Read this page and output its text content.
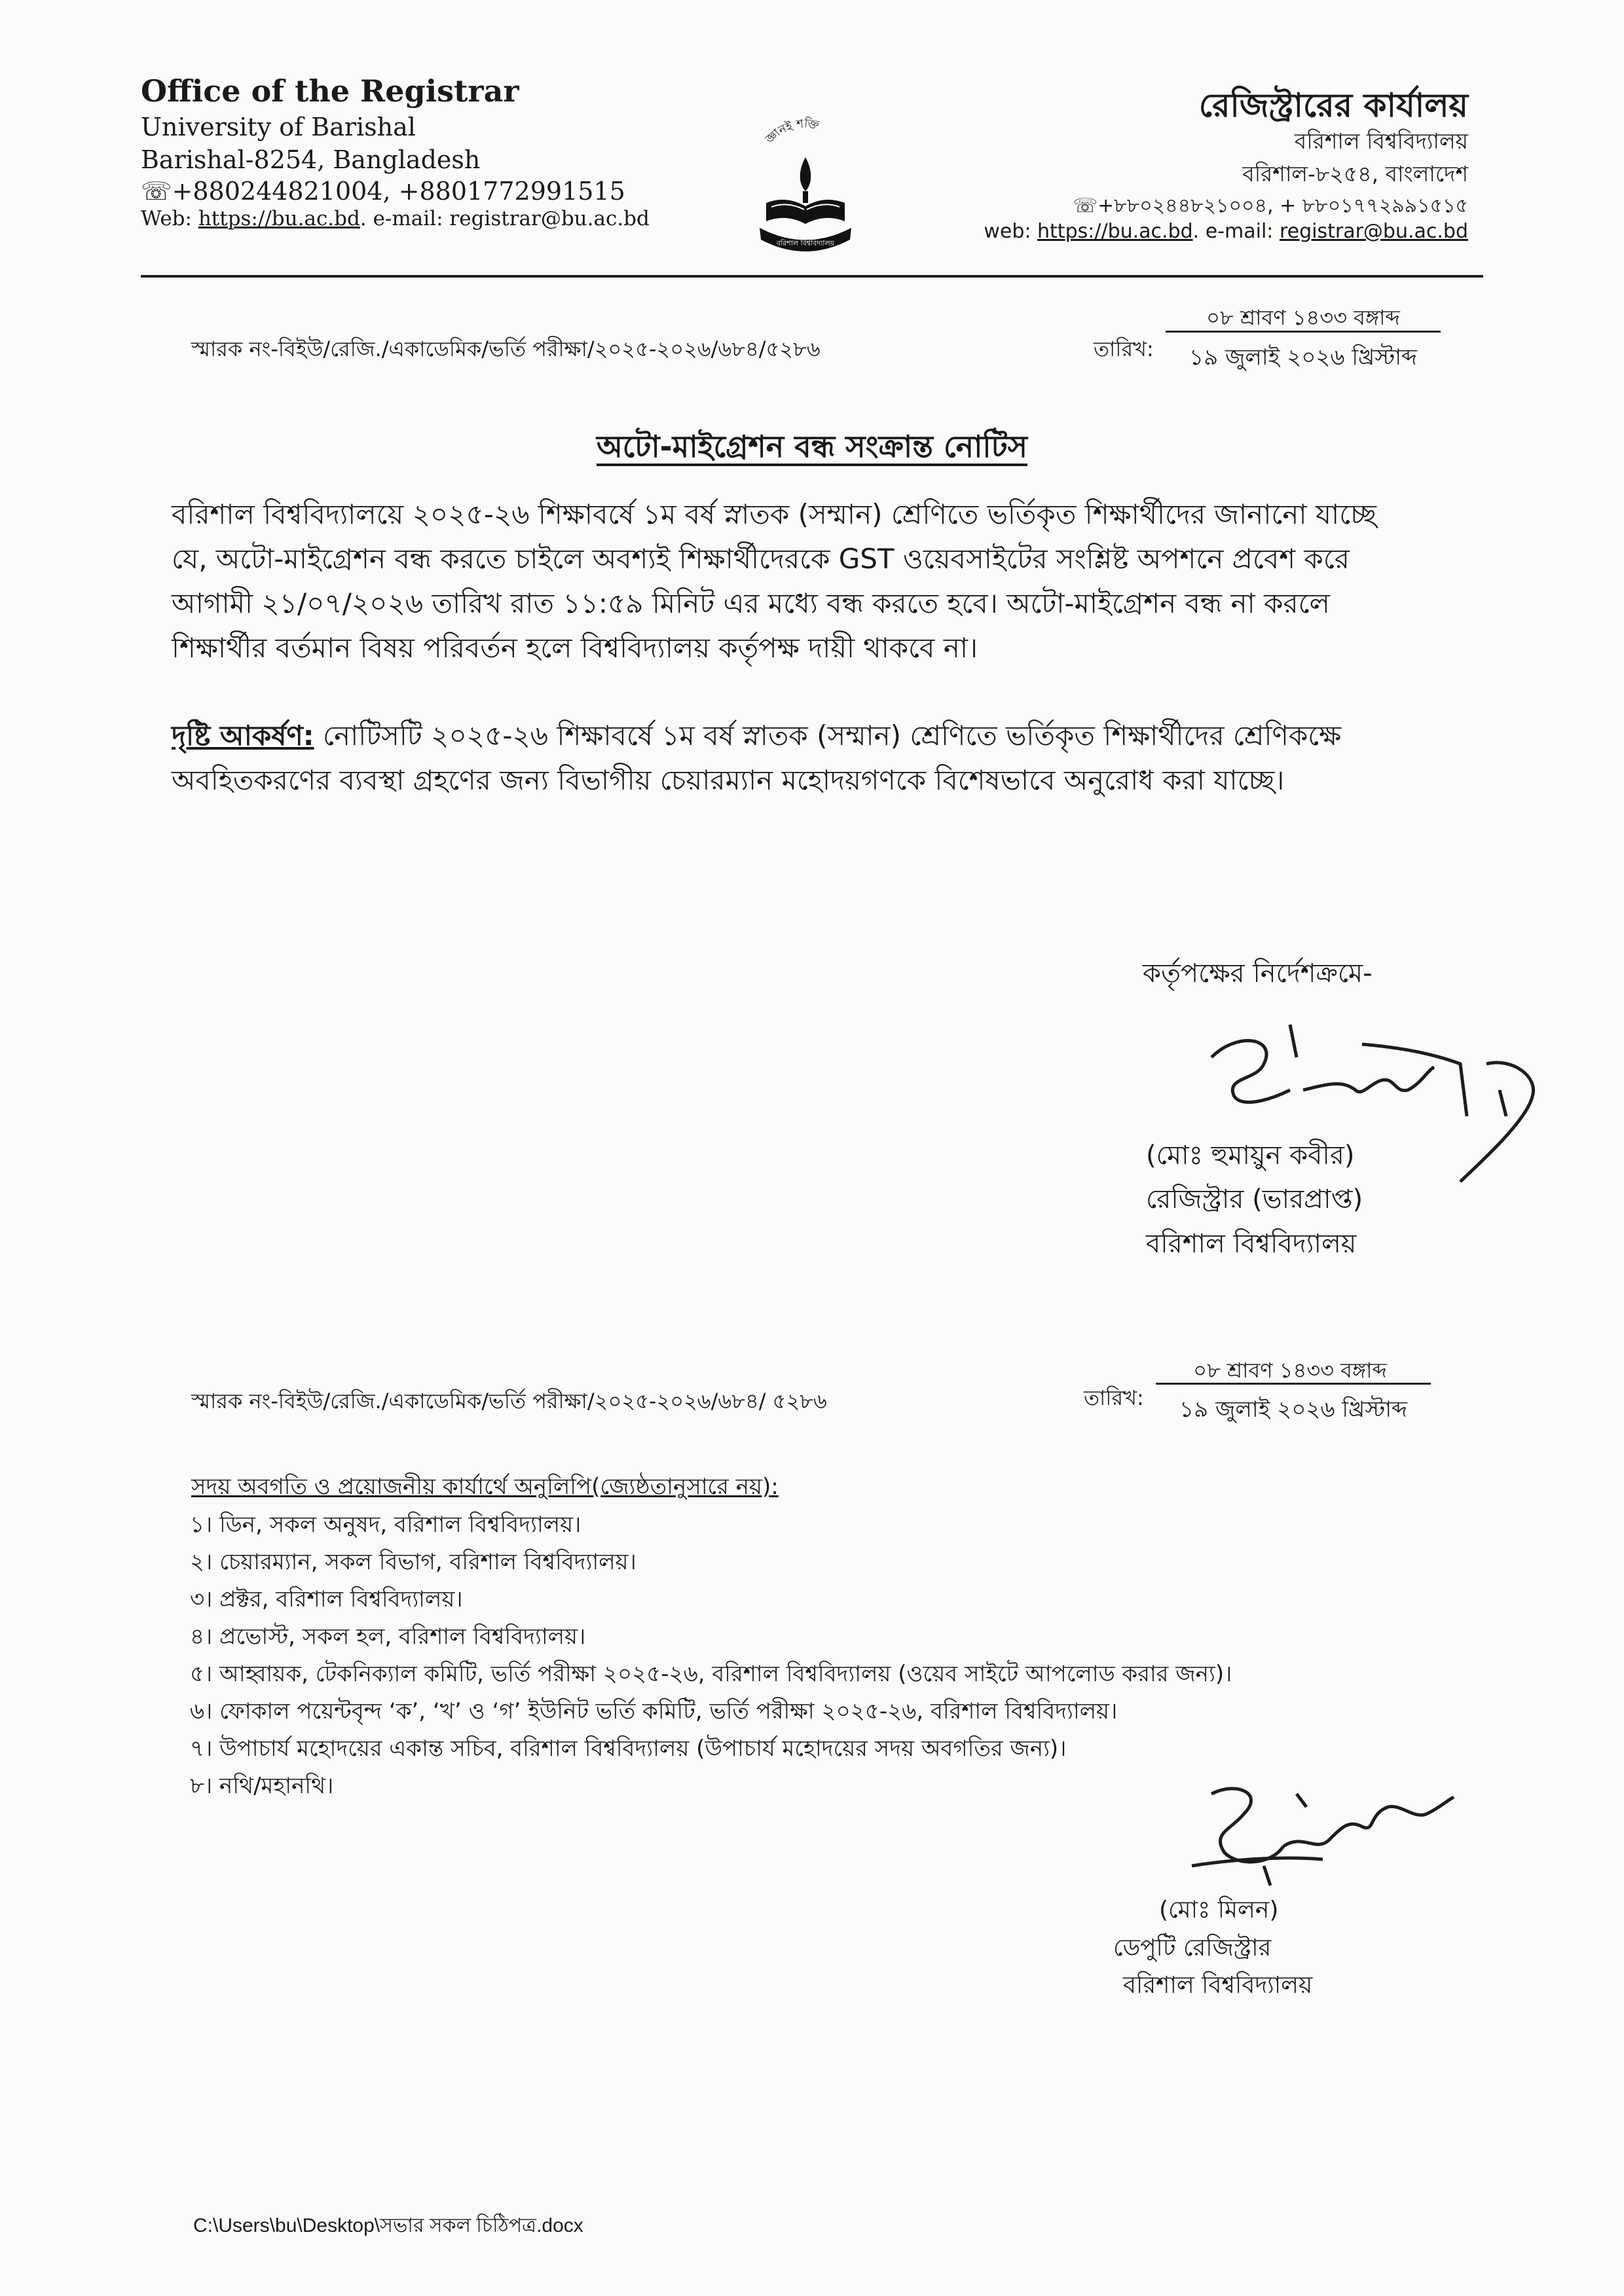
Office of the Registrar
University of Barishal
Barishal-8254, Bangladesh
☏+880244821004, +8801772991515
Web: https://bu.ac.bd. e-mail: registrar@bu.ac.bd
জ্ঞানই শক্তি
বরিশাল বিশ্ববিদ্যালয়
রেজিস্ট্রারের কার্যালয়
বরিশাল বিশ্ববিদ্যালয়
বরিশাল-৮২৫৪, বাংলাদেশ
☏+৮৮০২৪৪৮২১০০৪, + ৮৮০১৭৭২৯৯১৫১৫
web: https://bu.ac.bd. e-mail: registrar@bu.ac.bd
স্মারক নং-বিইউ/রেজি./একাডেমিক/ভর্তি পরীক্ষা/২০২৫-২০২৬/৬৮৪/৫২৮৬	তারিখ:
০৮ শ্রাবণ ১৪৩৩ বঙ্গাব্দ
১৯ জুলাই ২০২৬ খ্রিস্টাব্দ
অটো-মাইগ্রেশন বন্ধ সংক্রান্ত নোটিস
বরিশাল বিশ্ববিদ্যালয়ে ২০২৫-২৬ শিক্ষাবর্ষে ১ম বর্ষ স্নাতক (সম্মান) শ্রেণিতে ভর্তিকৃত শিক্ষার্থীদের জানানো যাচ্ছে
যে, অটো-মাইগ্রেশন বন্ধ করতে চাইলে অবশ্যই শিক্ষার্থীদেরকে GST ওয়েবসাইটের সংশ্লিষ্ট অপশনে প্রবেশ করে
আগামী ২১/০৭/২০২৬ তারিখ রাত ১১:৫৯ মিনিট এর মধ্যে বন্ধ করতে হবে। অটো-মাইগ্রেশন বন্ধ না করলে
শিক্ষার্থীর বর্তমান বিষয় পরিবর্তন হলে বিশ্ববিদ্যালয় কর্তৃপক্ষ দায়ী থাকবে না।
দৃষ্টি আকর্ষণ: নোটিসটি ২০২৫-২৬ শিক্ষাবর্ষে ১ম বর্ষ স্নাতক (সম্মান) শ্রেণিতে ভর্তিকৃত শিক্ষার্থীদের শ্রেণিকক্ষে
অবহিতকরণের ব্যবস্থা গ্রহণের জন্য বিভাগীয় চেয়ারম্যান মহোদয়গণকে বিশেষভাবে অনুরোধ করা যাচ্ছে।
কর্তৃপক্ষের নির্দেশক্রমে-
(মোঃ হুমায়ুন কবীর)
রেজিস্ট্রার (ভারপ্রাপ্ত)
বরিশাল বিশ্ববিদ্যালয়
স্মারক নং-বিইউ/রেজি./একাডেমিক/ভর্তি পরীক্ষা/২০২৫-২০২৬/৬৮৪/ ৫২৮৬	তারিখ:
০৮ শ্রাবণ ১৪৩৩ বঙ্গাব্দ
১৯ জুলাই ২০২৬ খ্রিস্টাব্দ
সদয় অবগতি ও প্রয়োজনীয় কার্যার্থে অনুলিপি(জ্যেষ্ঠতানুসারে নয়):
১। ডিন, সকল অনুষদ, বরিশাল বিশ্ববিদ্যালয়।
২। চেয়ারম্যান, সকল বিভাগ, বরিশাল বিশ্ববিদ্যালয়।
৩। প্রক্টর, বরিশাল বিশ্ববিদ্যালয়।
৪। প্রভোস্ট, সকল হল, বরিশাল বিশ্ববিদ্যালয়।
৫। আহ্বায়ক, টেকনিক্যাল কমিটি, ভর্তি পরীক্ষা ২০২৫-২৬, বরিশাল বিশ্ববিদ্যালয় (ওয়েব সাইটে আপলোড করার জন্য)।
৬। ফোকাল পয়েন্টবৃন্দ ‘ক’, ‘খ’ ও ‘গ’ ইউনিট ভর্তি কমিটি, ভর্তি পরীক্ষা ২০২৫-২৬, বরিশাল বিশ্ববিদ্যালয়।
৭। উপাচার্য মহোদয়ের একান্ত সচিব, বরিশাল বিশ্ববিদ্যালয় (উপাচার্য মহোদয়ের সদয় অবগতির জন্য)।
৮। নথি/মহানথি।
(মোঃ মিলন)
ডেপুটি রেজিস্ট্রার
বরিশাল বিশ্ববিদ্যালয়
C:\Users\bu\Desktop\সভার সকল চিঠিপত্র.docx
